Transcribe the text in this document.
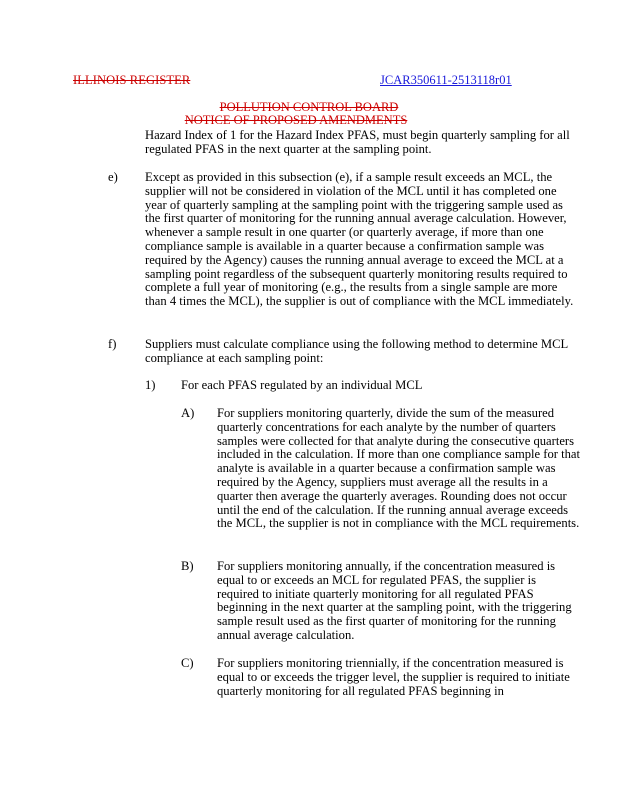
ILLINOIS REGISTER	JCAR350611-2513118r01
POLLUTION CONTROL BOARD
NOTICE OF PROPOSED AMENDMENTS
Hazard Index of 1 for the Hazard Index PFAS, must begin quarterly sampling for all regulated PFAS in the next quarter at the sampling point.
e) Except as provided in this subsection (e), if a sample result exceeds an MCL, the supplier will not be considered in violation of the MCL until it has completed one year of quarterly sampling at the sampling point with the triggering sample used as the first quarter of monitoring for the running annual average calculation. However, whenever a sample result in one quarter (or quarterly average, if more than one compliance sample is available in a quarter because a confirmation sample was required by the Agency) causes the running annual average to exceed the MCL at a sampling point regardless of the subsequent quarterly monitoring results required to complete a full year of monitoring (e.g., the results from a single sample are more than 4 times the MCL), the supplier is out of compliance with the MCL immediately.
f) Suppliers must calculate compliance using the following method to determine MCL compliance at each sampling point:
1) For each PFAS regulated by an individual MCL
A) For suppliers monitoring quarterly, divide the sum of the measured quarterly concentrations for each analyte by the number of quarters samples were collected for that analyte during the consecutive quarters included in the calculation. If more than one compliance sample for that analyte is available in a quarter because a confirmation sample was required by the Agency, suppliers must average all the results in a quarter then average the quarterly averages. Rounding does not occur until the end of the calculation. If the running annual average exceeds the MCL, the supplier is not in compliance with the MCL requirements.
B) For suppliers monitoring annually, if the concentration measured is equal to or exceeds an MCL for regulated PFAS, the supplier is required to initiate quarterly monitoring for all regulated PFAS beginning in the next quarter at the sampling point, with the triggering sample result used as the first quarter of monitoring for the running annual average calculation.
C) For suppliers monitoring triennially, if the concentration measured is equal to or exceeds the trigger level, the supplier is required to initiate quarterly monitoring for all regulated PFAS beginning in
